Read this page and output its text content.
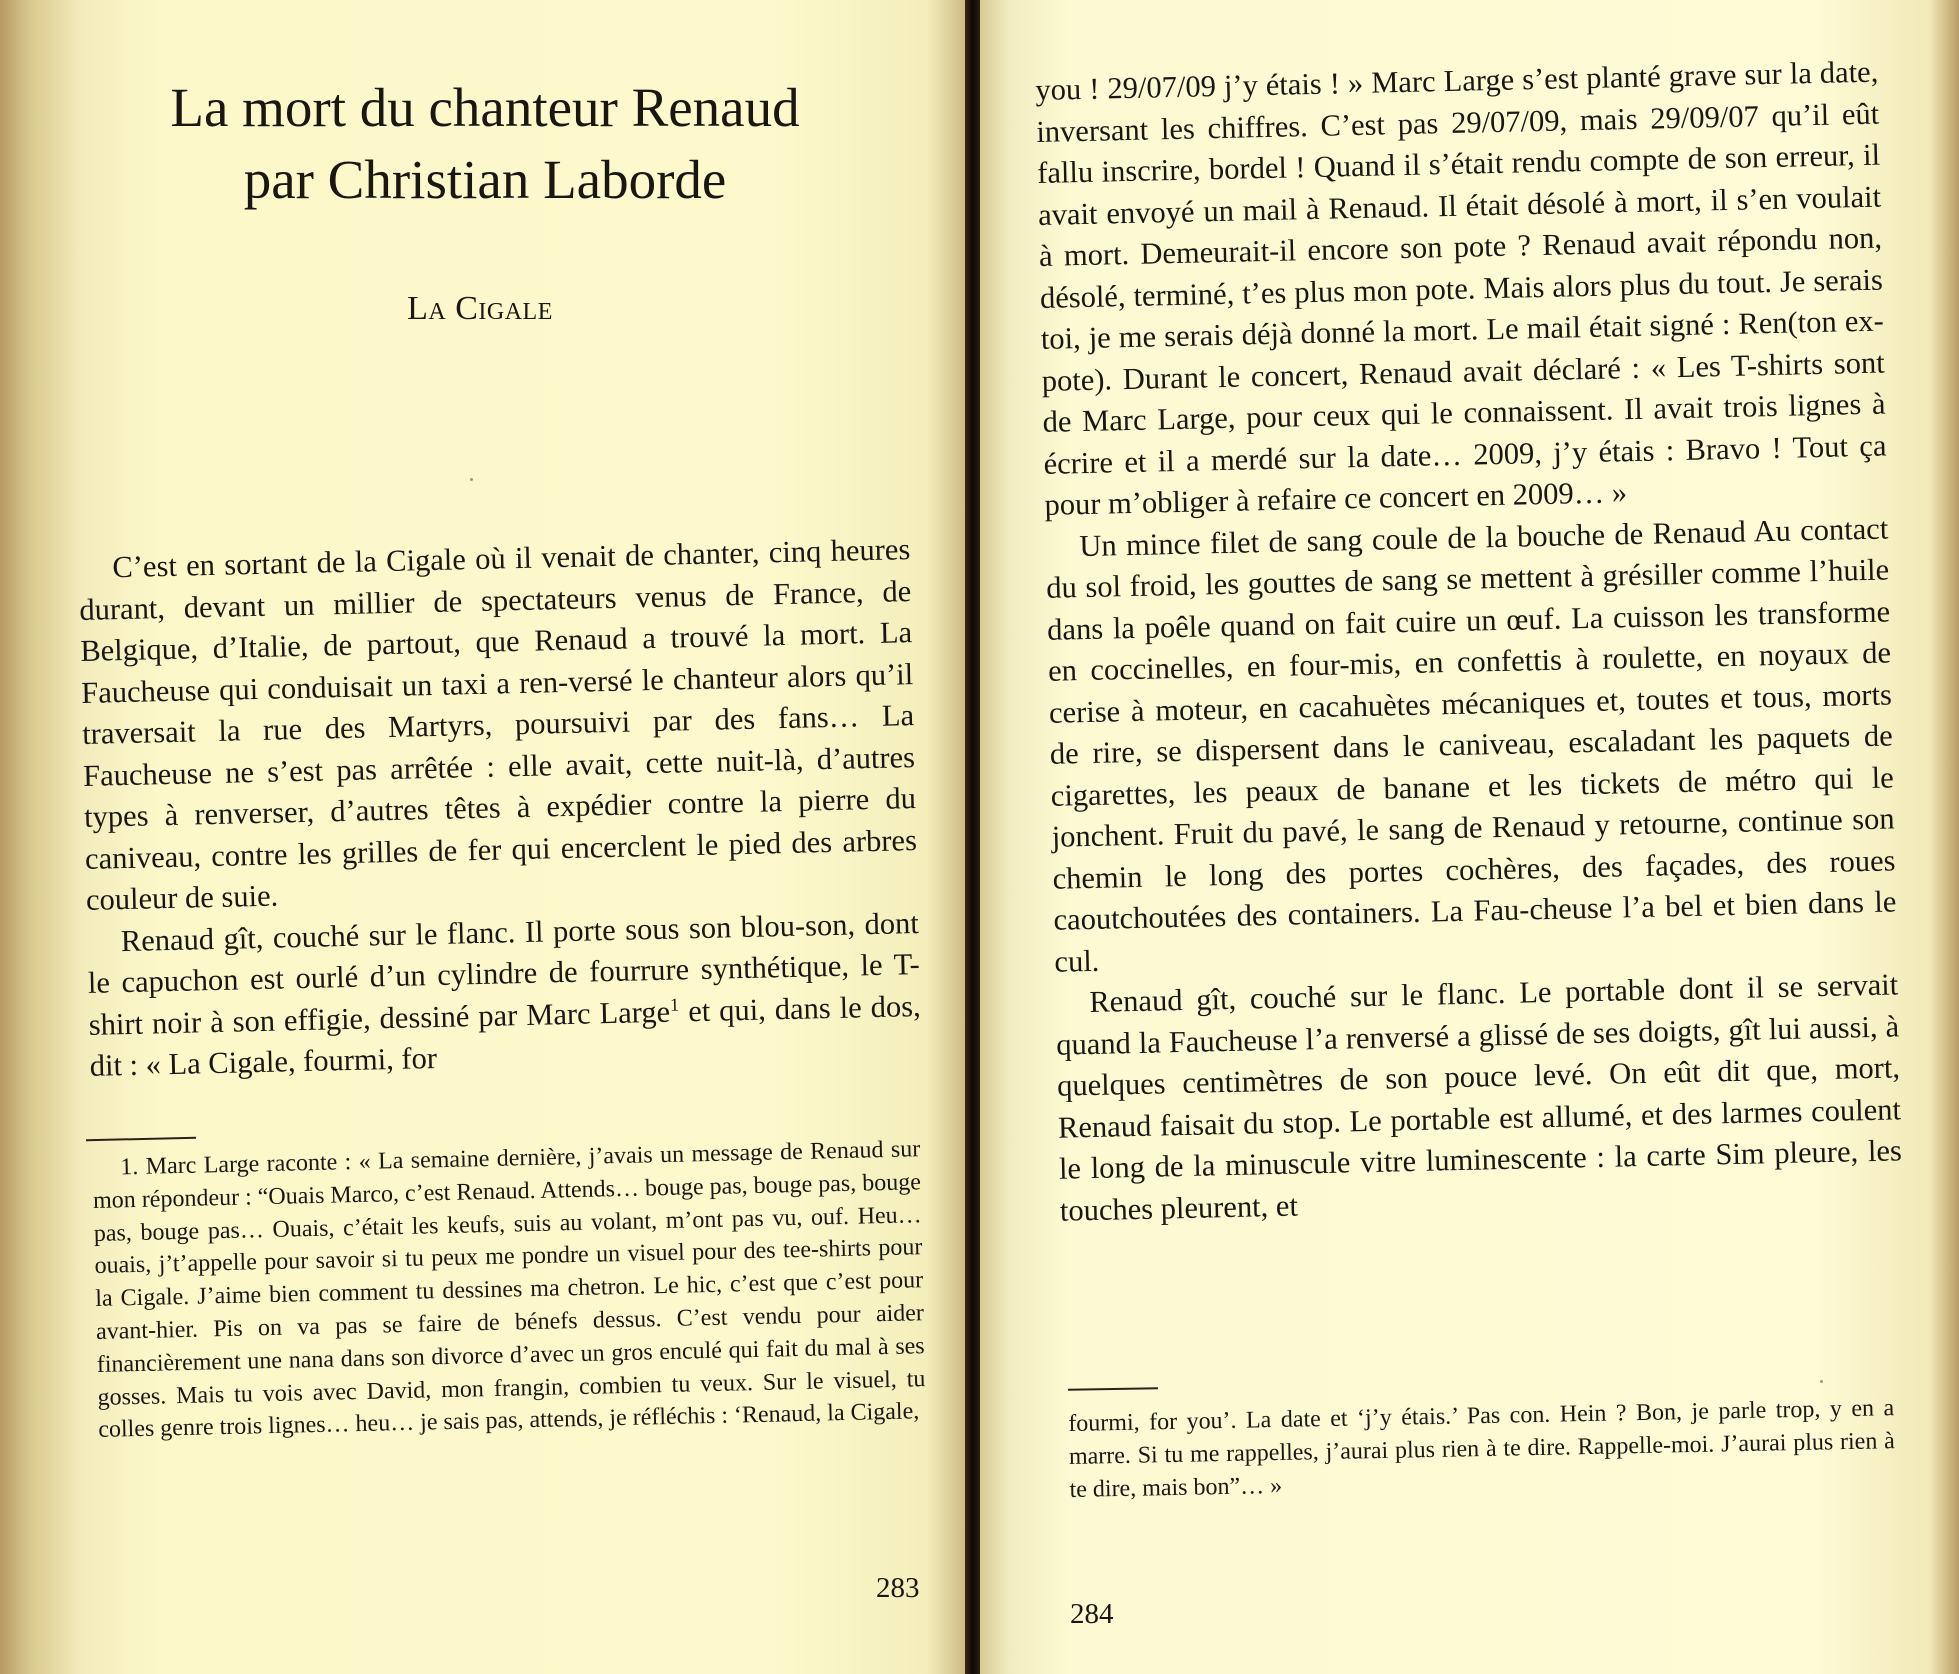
La mort du chanteur Renaud
par Christian Laborde
La Cigale

C’est en sortant de la Cigale où il venait de chanter, cinq heures durant, devant un millier de spectateurs venus de France, de Belgique, d’Italie, de partout, que Renaud a trouvé la mort. La Faucheuse qui conduisait un taxi a ren-versé le chanteur alors qu’il traversait la rue des Martyrs, poursuivi par des fans… La Faucheuse ne s’est pas arrêtée : elle avait, cette nuit-là, d’autres types à renverser, d’autres têtes à expédier contre la pierre du caniveau, contre les grilles de fer qui encerclent le pied des arbres couleur de suie.

Renaud gît, couché sur le flanc. Il porte sous son blou-son, dont le capuchon est ourlé d’un cylindre de fourrure synthétique, le T-shirt noir à son effigie, dessiné par Marc Large$^1$ et qui, dans le dos, dit : « La Cigale, fourmi, for

1. Marc Large raconte : « La semaine dernière, j’avais un message de Renaud sur mon répondeur : “Ouais Marco, c’est Renaud. Attends… bouge pas, bouge pas, bouge pas, bouge pas… Ouais, c’était les keufs, suis au volant, m’ont pas vu, ouf. Heu… ouais, j’t’appelle pour savoir si tu peux me pondre un visuel pour des tee-shirts pour la Cigale. J’aime bien comment tu dessines ma chetron. Le hic, c’est que c’est pour avant-hier. Pis on va pas se faire de bénefs dessus. C’est vendu pour aider financièrement une nana dans son divorce d’avec un gros enculé qui fait du mal à ses gosses. Mais tu vois avec David, mon frangin, combien tu veux. Sur le visuel, tu colles genre trois lignes… heu… je sais pas, attends, je réfléchis : ‘Renaud, la Cigale,

283

you ! 29/07/09 j’y étais ! » Marc Large s’est planté grave sur la date, inversant les chiffres. C’est pas 29/07/09, mais 29/09/07 qu’il eût fallu inscrire, bordel ! Quand il s’était rendu compte de son erreur, il avait envoyé un mail à Renaud. Il était désolé à mort, il s’en voulait à mort. Demeurait-il encore son pote ? Renaud avait répondu non, désolé, terminé, t’es plus mon pote. Mais alors plus du tout. Je serais toi, je me serais déjà donné la mort. Le mail était signé : Ren(ton ex-pote). Durant le concert, Renaud avait déclaré : « Les T-shirts sont de Marc Large, pour ceux qui le connaissent. Il avait trois lignes à écrire et il a merdé sur la date… 2009, j’y étais : Bravo ! Tout ça pour m’obliger à refaire ce concert en 2009… »

Un mince filet de sang coule de la bouche de Renaud Au contact du sol froid, les gouttes de sang se mettent à grésiller comme l’huile dans la poêle quand on fait cuire un œuf. La cuisson les transforme en coccinelles, en four-mis, en confettis à roulette, en noyaux de cerise à moteur, en cacahuètes mécaniques et, toutes et tous, morts de rire, se dispersent dans le caniveau, escaladant les paquets de cigarettes, les peaux de banane et les tickets de métro qui le jonchent. Fruit du pavé, le sang de Renaud y retourne, continue son chemin le long des portes cochères, des façades, des roues caoutchoutées des containers. La Fau-cheuse l’a bel et bien dans le cul.

Renaud gît, couché sur le flanc. Le portable dont il se servait quand la Faucheuse l’a renversé a glissé de ses doigts, gît lui aussi, à quelques centimètres de son pouce levé. On eût dit que, mort, Renaud faisait du stop. Le portable est allumé, et des larmes coulent le long de la minuscule vitre luminescente : la carte Sim pleure, les touches pleurent, et

fourmi, for you’. La date et ‘j’y étais.’ Pas con. Hein ? Bon, je parle trop, y en a marre. Si tu me rappelles, j’aurai plus rien à te dire. Rappelle-moi. J’aurai plus rien à te dire, mais bon”… »

284
